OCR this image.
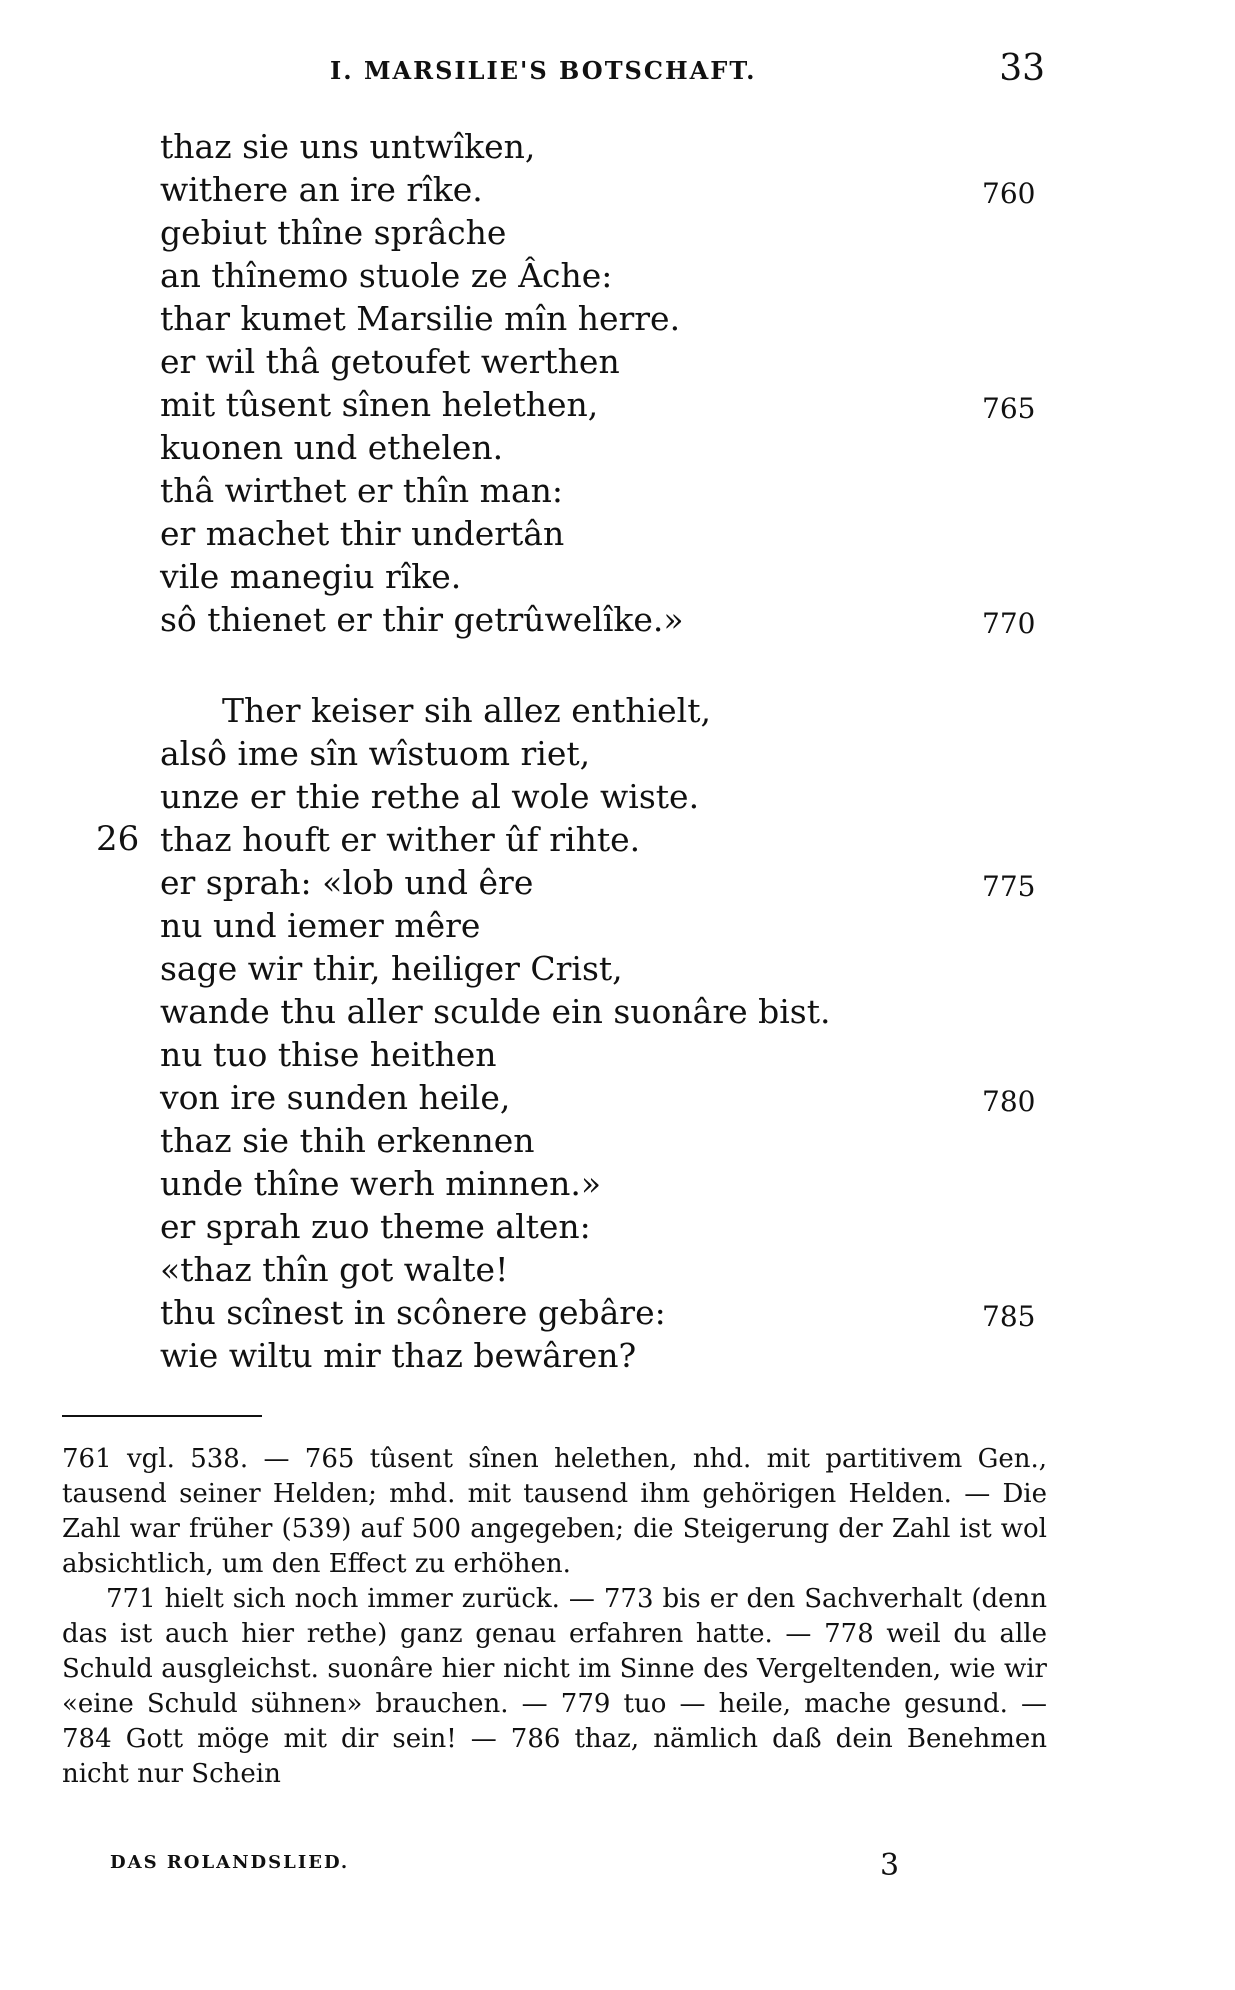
I. MARSILIE'S BOTSCHAFT.	33
thaz sie uns untwîken,
withere an ire rîke.	760
gebiut thîne sprâche
an thînemo stuole ze Âche:
thar kumet Marsilie mîn herre.
er wil thâ getoufet werthen
mit tûsent sînen helethen,	765
kuonen und ethelen.
thâ wirthet er thîn man:
er machet thir undertân
vile manegiu rîke.
sô thienet er thir getrûwelîke.»	770
Ther keiser sih allez enthielt,
alsô ime sîn wîstuom riet,
unze er thie rethe al wole wiste.
thaz houft er wither ûf rihte.
26
er sprah: «lob und êre	775
nu und iemer mêre
sage wir thir, heiliger Crist,
wande thu aller sculde ein suonâre bist.
nu tuo thise heithen
von ire sunden heile,	780
thaz sie thih erkennen
unde thîne werh minnen.»
er sprah zuo theme alten:
«thaz thîn got walte!
thu scînest in scônere gebâre:	785
wie wiltu mir thaz bewâren?

761 vgl. 538. — 765 tûsent sînen helethen, nhd. mit partitivem Gen., tausend seiner Helden; mhd. mit tausend ihm gehörigen Helden. — Die Zahl war früher (539) auf 500 angegeben; die Steigerung der Zahl ist wol absichtlich, um den Effect zu erhöhen.

771 hielt sich noch immer zurück. — 773 bis er den Sachverhalt (denn das ist auch hier rethe) ganz genau erfahren hatte. — 778 weil du alle Schuld ausgleichst. suonâre hier nicht im Sinne des Vergeltenden, wie wir «eine Schuld sühnen» brauchen. — 779 tuo — heile, mache gesund. — 784 Gott möge mit dir sein! — 786 thaz, nämlich daß dein Benehmen nicht nur Schein

DAS ROLANDSLIED.	3
